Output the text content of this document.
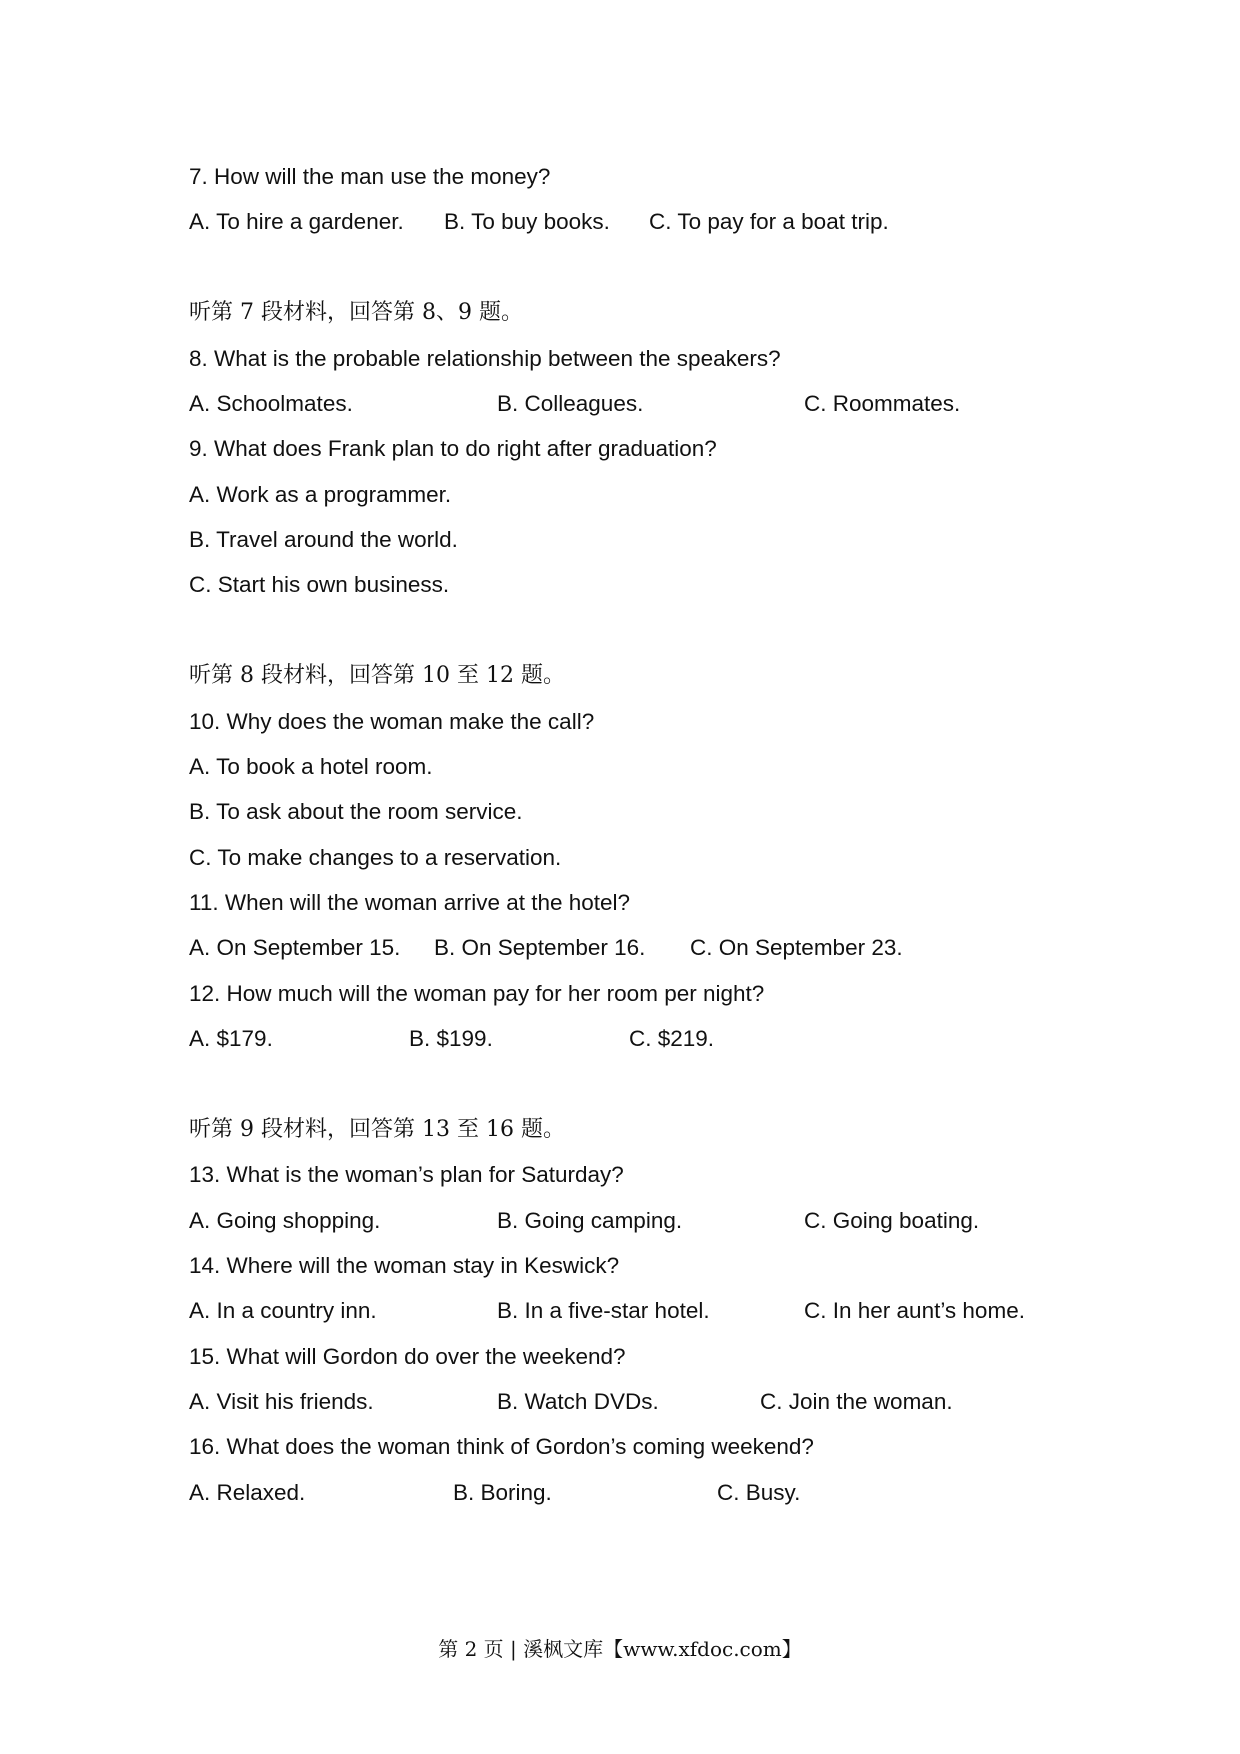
7. How will the man use the money?
A. To hire a gardener. B. To buy books. C. To pay for a boat trip.
听第 7 段材料，回答第 8、9 题。
8. What is the probable relationship between the speakers?
A. Schoolmates.	B. Colleagues.	C. Roommates.
9. What does Frank plan to do right after graduation?
A. Work as a programmer.
B. Travel around the world.
C. Start his own business.
听第 8 段材料，回答第 10 至 12 题。
10. Why does the woman make the call?
A. To book a hotel room.
B. To ask about the room service.
C. To make changes to a reservation.
11. When will the woman arrive at the hotel?
A. On September 15. B. On September 16. C. On September 23.
12. How much will the woman pay for her room per night?
A. $179.	B. $199.	C. $219.
听第 9 段材料，回答第 13 至 16 题。
13. What is the woman’s plan for Saturday?
A. Going shopping.	B. Going camping.	C. Going boating.
14. Where will the woman stay in Keswick?
A. In a country inn.	B. In a five-star hotel.	C. In her aunt’s home.
15. What will Gordon do over the weekend?
A. Visit his friends.	B. Watch DVDs.	C. Join the woman.
16. What does the woman think of Gordon’s coming weekend?
A. Relaxed.	B. Boring.	C. Busy.
第 2 页 | 溪枫文库【www.xfdoc.com】
